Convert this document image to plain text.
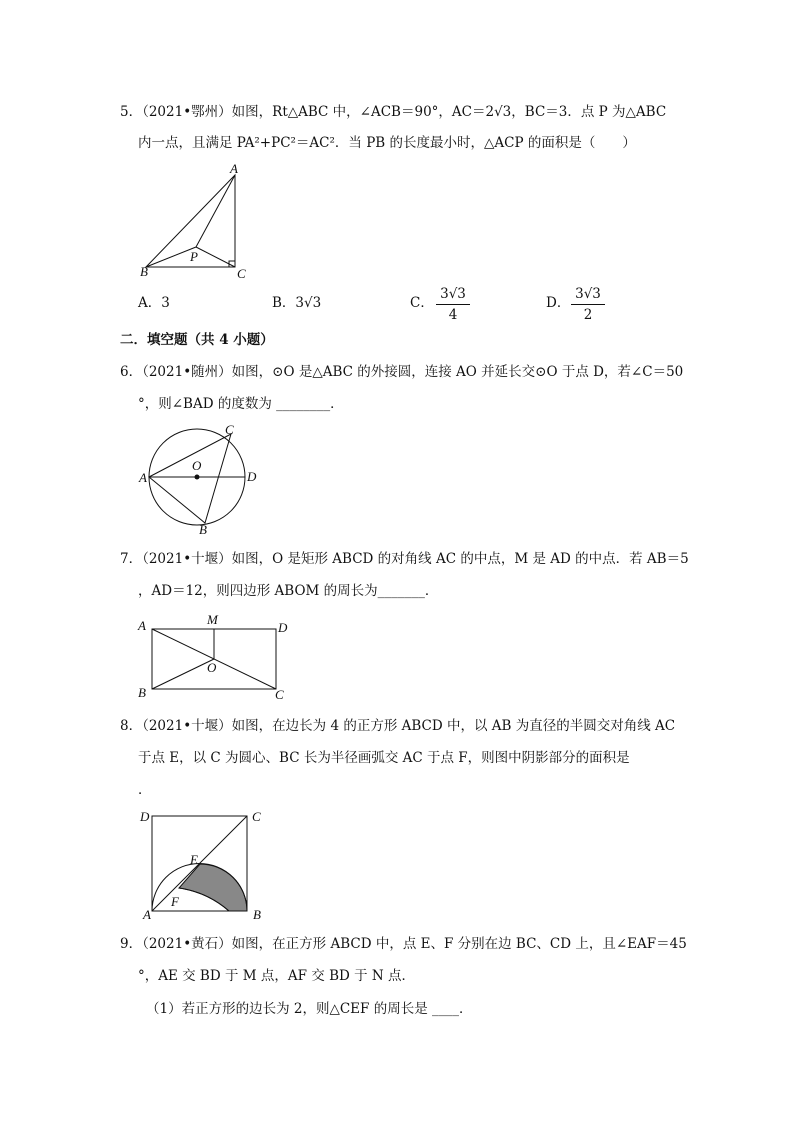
5．（2021•鄂州）如图，Rt△ABC 中，∠ACB＝90°，AC＝2√3，BC＝3．点 P 为△ABC
内一点，且满足 PA²+PC²＝AC²．当 PB 的长度最小时，△ACP 的面积是（　　）
A
B	C
P
A．3	B．3√3	C．
3√3
4
D．
3√3
2
二．填空题（共 4 小题）
6．（2021•随州）如图，⊙O 是△ABC 的外接圆，连接 AO 并延长交⊙O 于点 D，若∠C＝50
°，则∠BAD 的度数为 ________．
A
B
C
D
O
7．（2021•十堰）如图，O 是矩形 ABCD 的对角线 AC 的中点，M 是 AD 的中点．若 AB＝5
，AD＝12，则四边形 ABOM 的周长为_______．
A
B	C
D
M
O
8．（2021•十堰）如图，在边长为 4 的正方形 ABCD 中，以 AB 为直径的半圆交对角线 AC
于点 E，以 C 为圆心、BC 长为半径画弧交 AC 于点 F，则图中阴影部分的面积是
．
D	C
A	B
E
F
9．（2021•黄石）如图，在正方形 ABCD 中，点 E、F 分别在边 BC、CD 上，且∠EAF＝45
°，AE 交 BD 于 M 点，AF 交 BD 于 N 点．
（1）若正方形的边长为 2，则△CEF 的周长是 ____．
